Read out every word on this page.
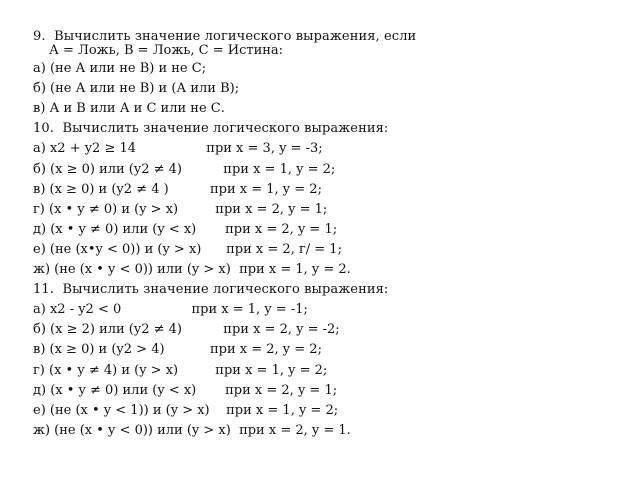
9.  Вычислить значение логического выражения, если
А = Ложь, В = Ложь, С = Истина:
а) (не А или не В) и не С;
б) (не А или не В) и (А или В);
в) А и В или А и С или не С.
10.  Вычислить значение логического выражения:
а) x2 + y2 ≥ 14                 при x = 3, y = -3;
б) (x ≥ 0) или (y2 ≠ 4)          при x = 1, y = 2;
в) (x ≥ 0) и (y2 ≠ 4 )          при x = 1, y = 2;
г) (x • y ≠ 0) и (y > x)         при x = 2, y = 1;
д) (x • y ≠ 0) или (y < x)       при x = 2, y = 1;
е) (не (x•y < 0)) и (y > x)      при x = 2, г/ = 1;
ж) (не (x • y < 0)) или (y > x)  при x = 1, y = 2.
11.  Вычислить значение логического выражения:
а) x2 - y2 < 0                 при x = 1, y = -1;
б) (x ≥ 2) или (y2 ≠ 4)          при x = 2, y = -2;
в) (x ≥ 0) и (y2 > 4)           при x = 2, y = 2;
г) (x • y ≠ 4) и (y > x)         при x = 1, y = 2;
д) (x • y ≠ 0) или (y < x)       при x = 2, y = 1;
е) (не (x • y < 1)) и (y > x)    при x = 1, y = 2;
ж) (не (x • y < 0)) или (y > x)  при x = 2, y = 1.
